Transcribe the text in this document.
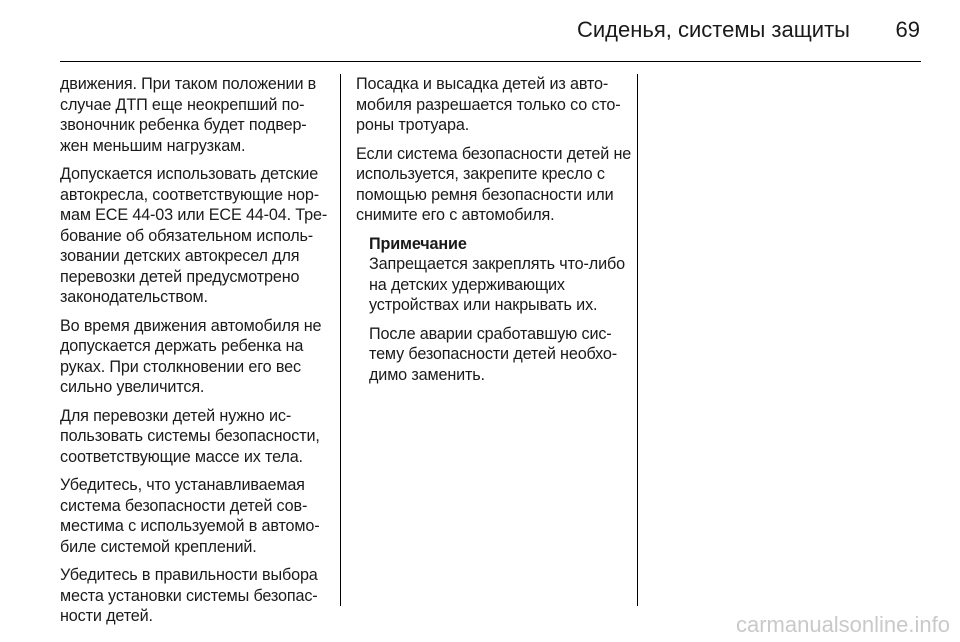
Сиденья, системы защиты	69

движения. При таком положении в случае ДТП еще неокрепший по-звоночник ребенка будет подвер-жен меньшим нагрузкам.

Допускается использовать детские автокресла, соответствующие нор-мам ECE 44-03 или ECE 44-04. Тре-бование об обязательном исполь-зовании детских автокресел для перевозки детей предусмотрено законодательством.

Во время движения автомобиля не допускается держать ребенка на руках. При столкновении его вес сильно увеличится.

Для перевозки детей нужно ис-пользовать системы безопасности, соответствующие массе их тела.

Убедитесь, что устанавливаемая система безопасности детей сов-местима с используемой в автомо-биле системой креплений.

Убедитесь в правильности выбора места установки системы безопас-ности детей.

Посадка и высадка детей из авто-мобиля разрешается только со сто-роны тротуара.

Если система безопасности детей не используется, закрепите кресло с помощью ремня безопасности или снимите его с автомобиля.

Примечание

Запрещается закреплять что-либо на детских удерживающих устройствах или накрывать их.

После аварии сработавшую сис-тему безопасности детей необхо-димо заменить.

carmanualsonline.info
